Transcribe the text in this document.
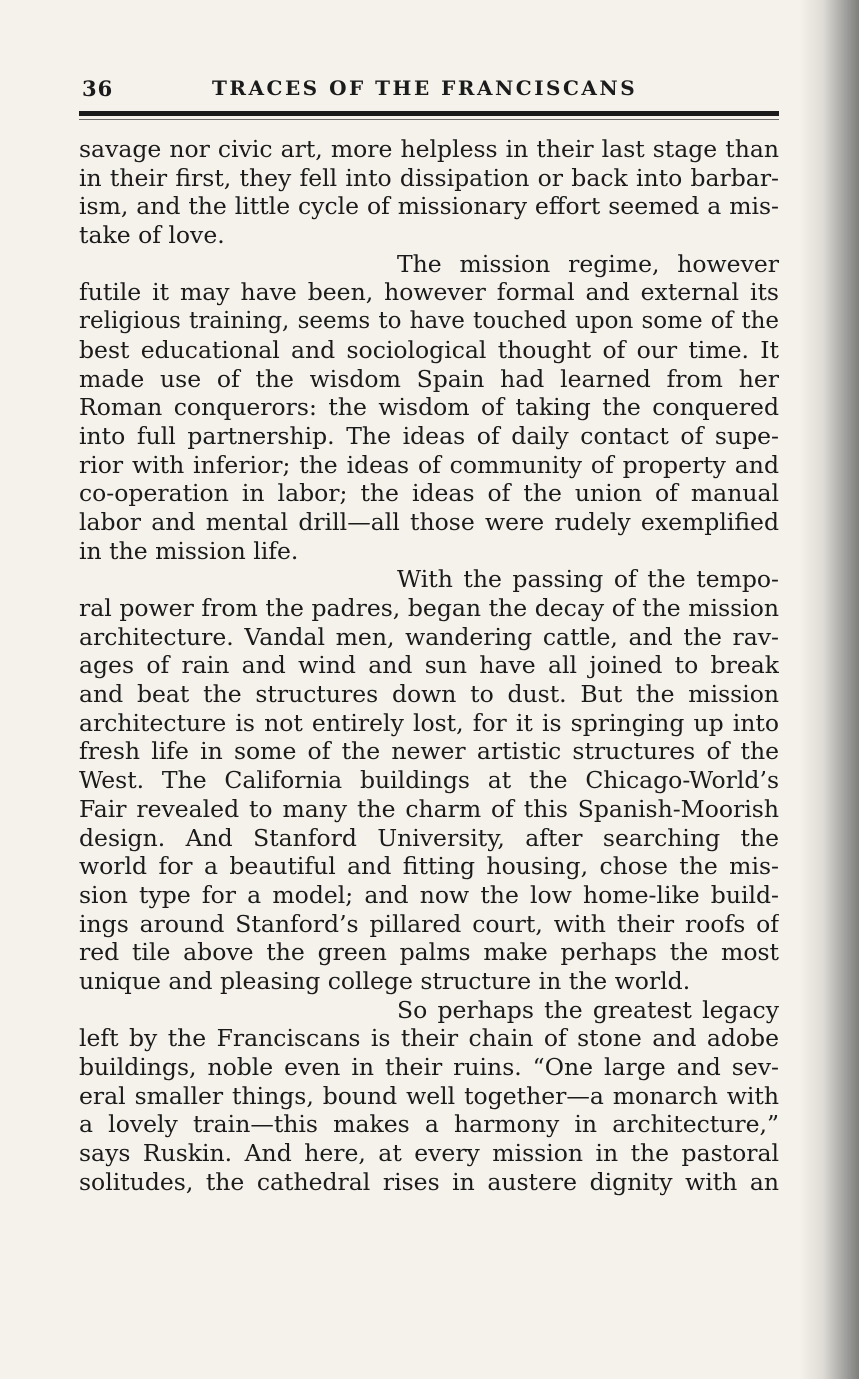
36	TRACES OF THE FRANCISCANS
savage nor civic art, more helpless in their last stage than
in their first, they fell into dissipation or back into barbar-
ism, and the little cycle of missionary effort seemed a mis-
take of love.
The mission regime, however
futile it may have been, however formal and external its
religious training, seems to have touched upon some of the
best educational and sociological thought of our time. It
made use of the wisdom Spain had learned from her
Roman conquerors: the wisdom of taking the conquered
into full partnership. The ideas of daily contact of supe-
rior with inferior; the ideas of community of property and
co-operation in labor; the ideas of the union of manual
labor and mental drill—all those were rudely exemplified
in the mission life.
With the passing of the tempo-
ral power from the padres, began the decay of the mission
architecture. Vandal men, wandering cattle, and the rav-
ages of rain and wind and sun have all joined to break
and beat the structures down to dust. But the mission
architecture is not entirely lost, for it is springing up into
fresh life in some of the newer artistic structures of the
West. The California buildings at the Chicago-World’s
Fair revealed to many the charm of this Spanish-Moorish
design. And Stanford University, after searching the
world for a beautiful and fitting housing, chose the mis-
sion type for a model; and now the low home-like build-
ings around Stanford’s pillared court, with their roofs of
red tile above the green palms make perhaps the most
unique and pleasing college structure in the world.
So perhaps the greatest legacy
left by the Franciscans is their chain of stone and adobe
buildings, noble even in their ruins. “One large and sev-
eral smaller things, bound well together—a monarch with
a lovely train—this makes a harmony in architecture,”
says Ruskin. And here, at every mission in the pastoral
solitudes, the cathedral rises in austere dignity with an
